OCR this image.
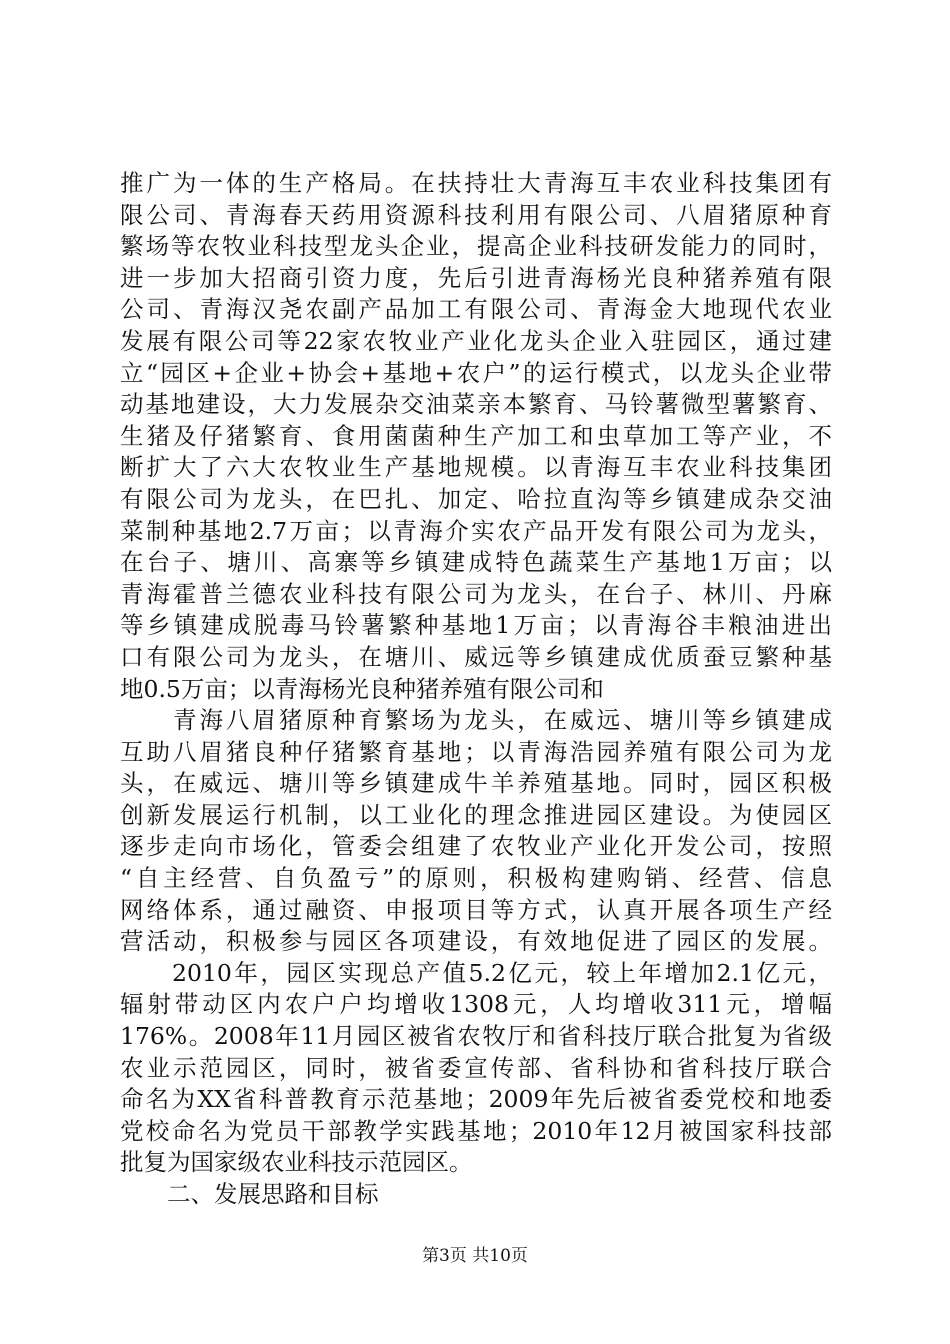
推广为一体的生产格局。在扶持壮大青海互丰农业科技集团有
限公司、青海春天药用资源科技利用有限公司、八眉猪原种育
繁场等农牧业科技型龙头企业，提高企业科技研发能力的同时，
进一步加大招商引资力度，先后引进青海杨光良种猪养殖有限
公司、青海汉尧农副产品加工有限公司、青海金大地现代农业
发展有限公司等22家农牧业产业化龙头企业入驻园区，通过建
立“园区+企业+协会+基地+农户”的运行模式，以龙头企业带
动基地建设，大力发展杂交油菜亲本繁育、马铃薯微型薯繁育、
生猪及仔猪繁育、食用菌菌种生产加工和虫草加工等产业，不
断扩大了六大农牧业生产基地规模。以青海互丰农业科技集团
有限公司为龙头，在巴扎、加定、哈拉直沟等乡镇建成杂交油
菜制种基地2.7万亩；以青海介实农产品开发有限公司为龙头，
在台子、塘川、高寨等乡镇建成特色蔬菜生产基地1万亩；以
青海霍普兰德农业科技有限公司为龙头，在台子、林川、丹麻
等乡镇建成脱毒马铃薯繁种基地1万亩；以青海谷丰粮油进出
口有限公司为龙头，在塘川、威远等乡镇建成优质蚕豆繁种基
地0.5万亩；以青海杨光良种猪养殖有限公司和
　　青海八眉猪原种育繁场为龙头，在威远、塘川等乡镇建成
互助八眉猪良种仔猪繁育基地；以青海浩园养殖有限公司为龙
头，在威远、塘川等乡镇建成牛羊养殖基地。同时，园区积极
创新发展运行机制，以工业化的理念推进园区建设。为使园区
逐步走向市场化，管委会组建了农牧业产业化开发公司，按照
“自主经营、自负盈亏”的原则，积极构建购销、经营、信息
网络体系，通过融资、申报项目等方式，认真开展各项生产经
营活动，积极参与园区各项建设，有效地促进了园区的发展。
　　2010年，园区实现总产值5.2亿元，较上年增加2.1亿元，
辐射带动区内农户户均增收1308元，人均增收311元，增幅
176%。2008年11月园区被省农牧厅和省科技厅联合批复为省级
农业示范园区，同时，被省委宣传部、省科协和省科技厅联合
命名为XX省科普教育示范基地；2009年先后被省委党校和地委
党校命名为党员干部教学实践基地；2010年12月被国家科技部
批复为国家级农业科技示范园区。
　　二、发展思路和目标
第3页 共10页
